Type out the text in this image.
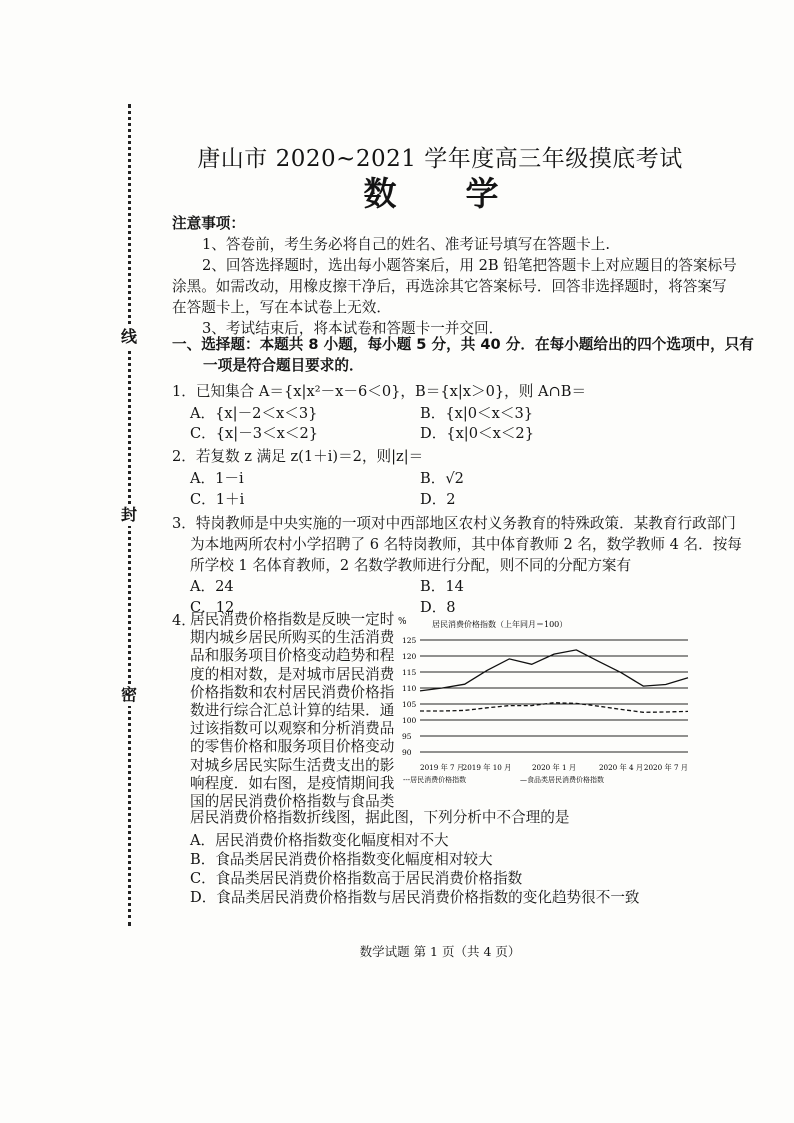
线
封
密
唐山市 2020~2021 学年度高三年级摸底考试
数　学
注意事项：
1、答卷前，考生务必将自己的姓名、准考证号填写在答题卡上.
2、回答选择题时，选出每小题答案后，用 2B 铅笔把答题卡上对应题目的答案标号
涂黑。如需改动，用橡皮擦干净后，再选涂其它答案标号．回答非选择题时，将答案写
在答题卡上，写在本试卷上无效．
3、考试结束后，将本试卷和答题卡一并交回．
一、选择题：本题共 8 小题，每小题 5 分，共 40 分．在每小题给出的四个选项中，只有
一项是符合题目要求的．
1．已知集合 A＝{x|x²－x－6＜0}，B＝{x|x＞0}，则 A∩B＝
A．{x|－2＜x＜3}	B．{x|0＜x＜3}
C．{x|－3＜x＜2}	D．{x|0＜x＜2}
2．若复数 z 满足 z(1＋i)＝2，则|z|＝
A．1－i	B．√2
C．1＋i	D．2
3．特岗教师是中央实施的一项对中西部地区农村义务教育的特殊政策．某教育行政部门
为本地两所农村小学招聘了 6 名特岗教师，其中体育教师 2 名，数学教师 4 名．按每
所学校 1 名体育教师，2 名数学教师进行分配，则不同的分配方案有
A．24	B．14
C．12	D．8
4．
居民消费价格指数是反映一定时
期内城乡居民所购买的生活消费
品和服务项目价格变动趋势和程
度的相对数，是对城市居民消费
价格指数和农村居民消费价格指
数进行综合汇总计算的结果．通
过该指数可以观察和分析消费品
的零售价格和服务项目价格变动
对城乡居民实际生活费支出的影
响程度．如右图，是疫情期间我
国的居民消费价格指数与食品类
居民消费价格指数折线图，据此图，下列分析中不合理的是
A．居民消费价格指数变化幅度相对不大
B．食品类居民消费价格指数变化幅度相对较大
C．食品类居民消费价格指数高于居民消费价格指数
D．食品类居民消费价格指数与居民消费价格指数的变化趋势很不一致
%	居民消费价格指数（上年同月＝100）
125
120
115
110
105
100
95
90
2019 年 7 月
2019 年 10 月	2020 年 1 月	2020 年 4 月 2020 年 7 月
---居民消费价格指数	—食品类居民消费价格指数
数学试题 第 1 页（共 4 页）
